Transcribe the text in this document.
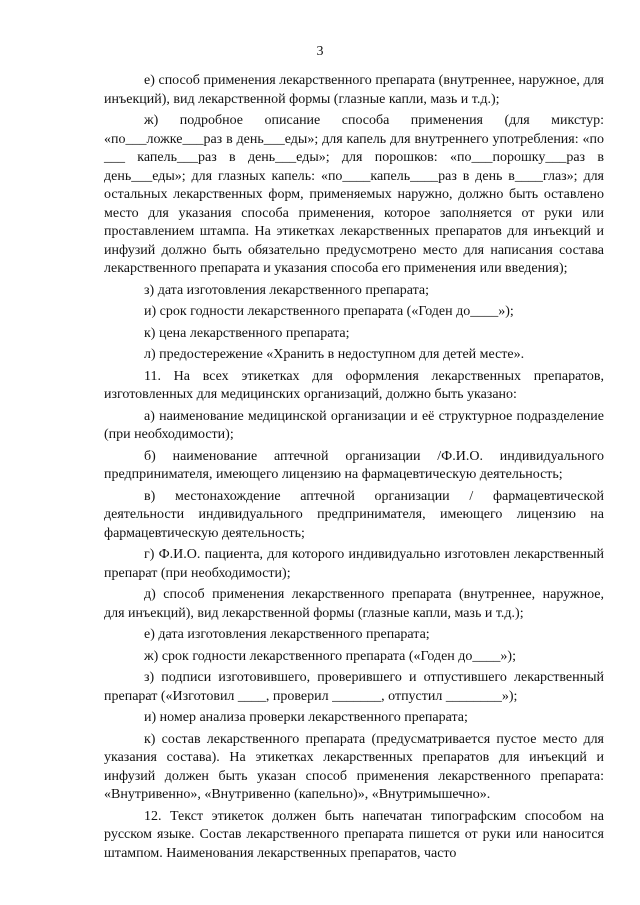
3

е) способ применения лекарственного препарата (внутреннее, наружное, для инъекций), вид лекарственной формы (глазные капли, мазь и т.д.);

ж) подробное описание способа применения (для микстур: «по___ложке___раз в день___еды»; для капель для внутреннего употребления: «по ___ капель___раз в день___еды»; для порошков: «по___порошку___раз в день___еды»; для глазных капель: «по____капель____раз в день в____глаз»; для остальных лекарственных форм, применяемых наружно, должно быть оставлено место для указания способа применения, которое заполняется от руки или проставлением штампа. На этикетках лекарственных препаратов для инъекций и инфузий должно быть обязательно предусмотрено место для написания состава лекарственного препарата и указания способа его применения или введения);

з) дата изготовления лекарственного препарата;

и) срок годности лекарственного препарата («Годен до____»);

к) цена лекарственного препарата;

л) предостережение «Хранить в недоступном для детей месте».

11. На всех этикетках для оформления лекарственных препаратов, изготовленных для медицинских организаций, должно быть указано:

а) наименование медицинской организации и её структурное подразделение (при необходимости);

б) наименование аптечной организации /Ф.И.О. индивидуального предпринимателя, имеющего лицензию на фармацевтическую деятельность;

в) местонахождение аптечной организации / фармацевтической деятельности индивидуального предпринимателя, имеющего лицензию на фармацевтическую деятельность;

г) Ф.И.О. пациента, для которого индивидуально изготовлен лекарственный препарат (при необходимости);

д) способ применения лекарственного препарата (внутреннее, наружное, для инъекций), вид лекарственной формы (глазные капли, мазь и т.д.);

е) дата изготовления лекарственного препарата;

ж) срок годности лекарственного препарата («Годен до____»);

з) подписи изготовившего, проверившего и отпустившего лекарственный препарат («Изготовил ____, проверил _______, отпустил ________»);

и) номер анализа проверки лекарственного препарата;

к) состав лекарственного препарата (предусматривается пустое место для указания состава). На этикетках лекарственных препаратов для инъекций и инфузий должен быть указан способ применения лекарственного препарата: «Внутривенно», «Внутривенно (капельно)», «Внутримышечно».

12. Текст этикеток должен быть напечатан типографским способом на русском языке. Состав лекарственного препарата пишется от руки или наносится штампом. Наименования лекарственных препаратов, часто
